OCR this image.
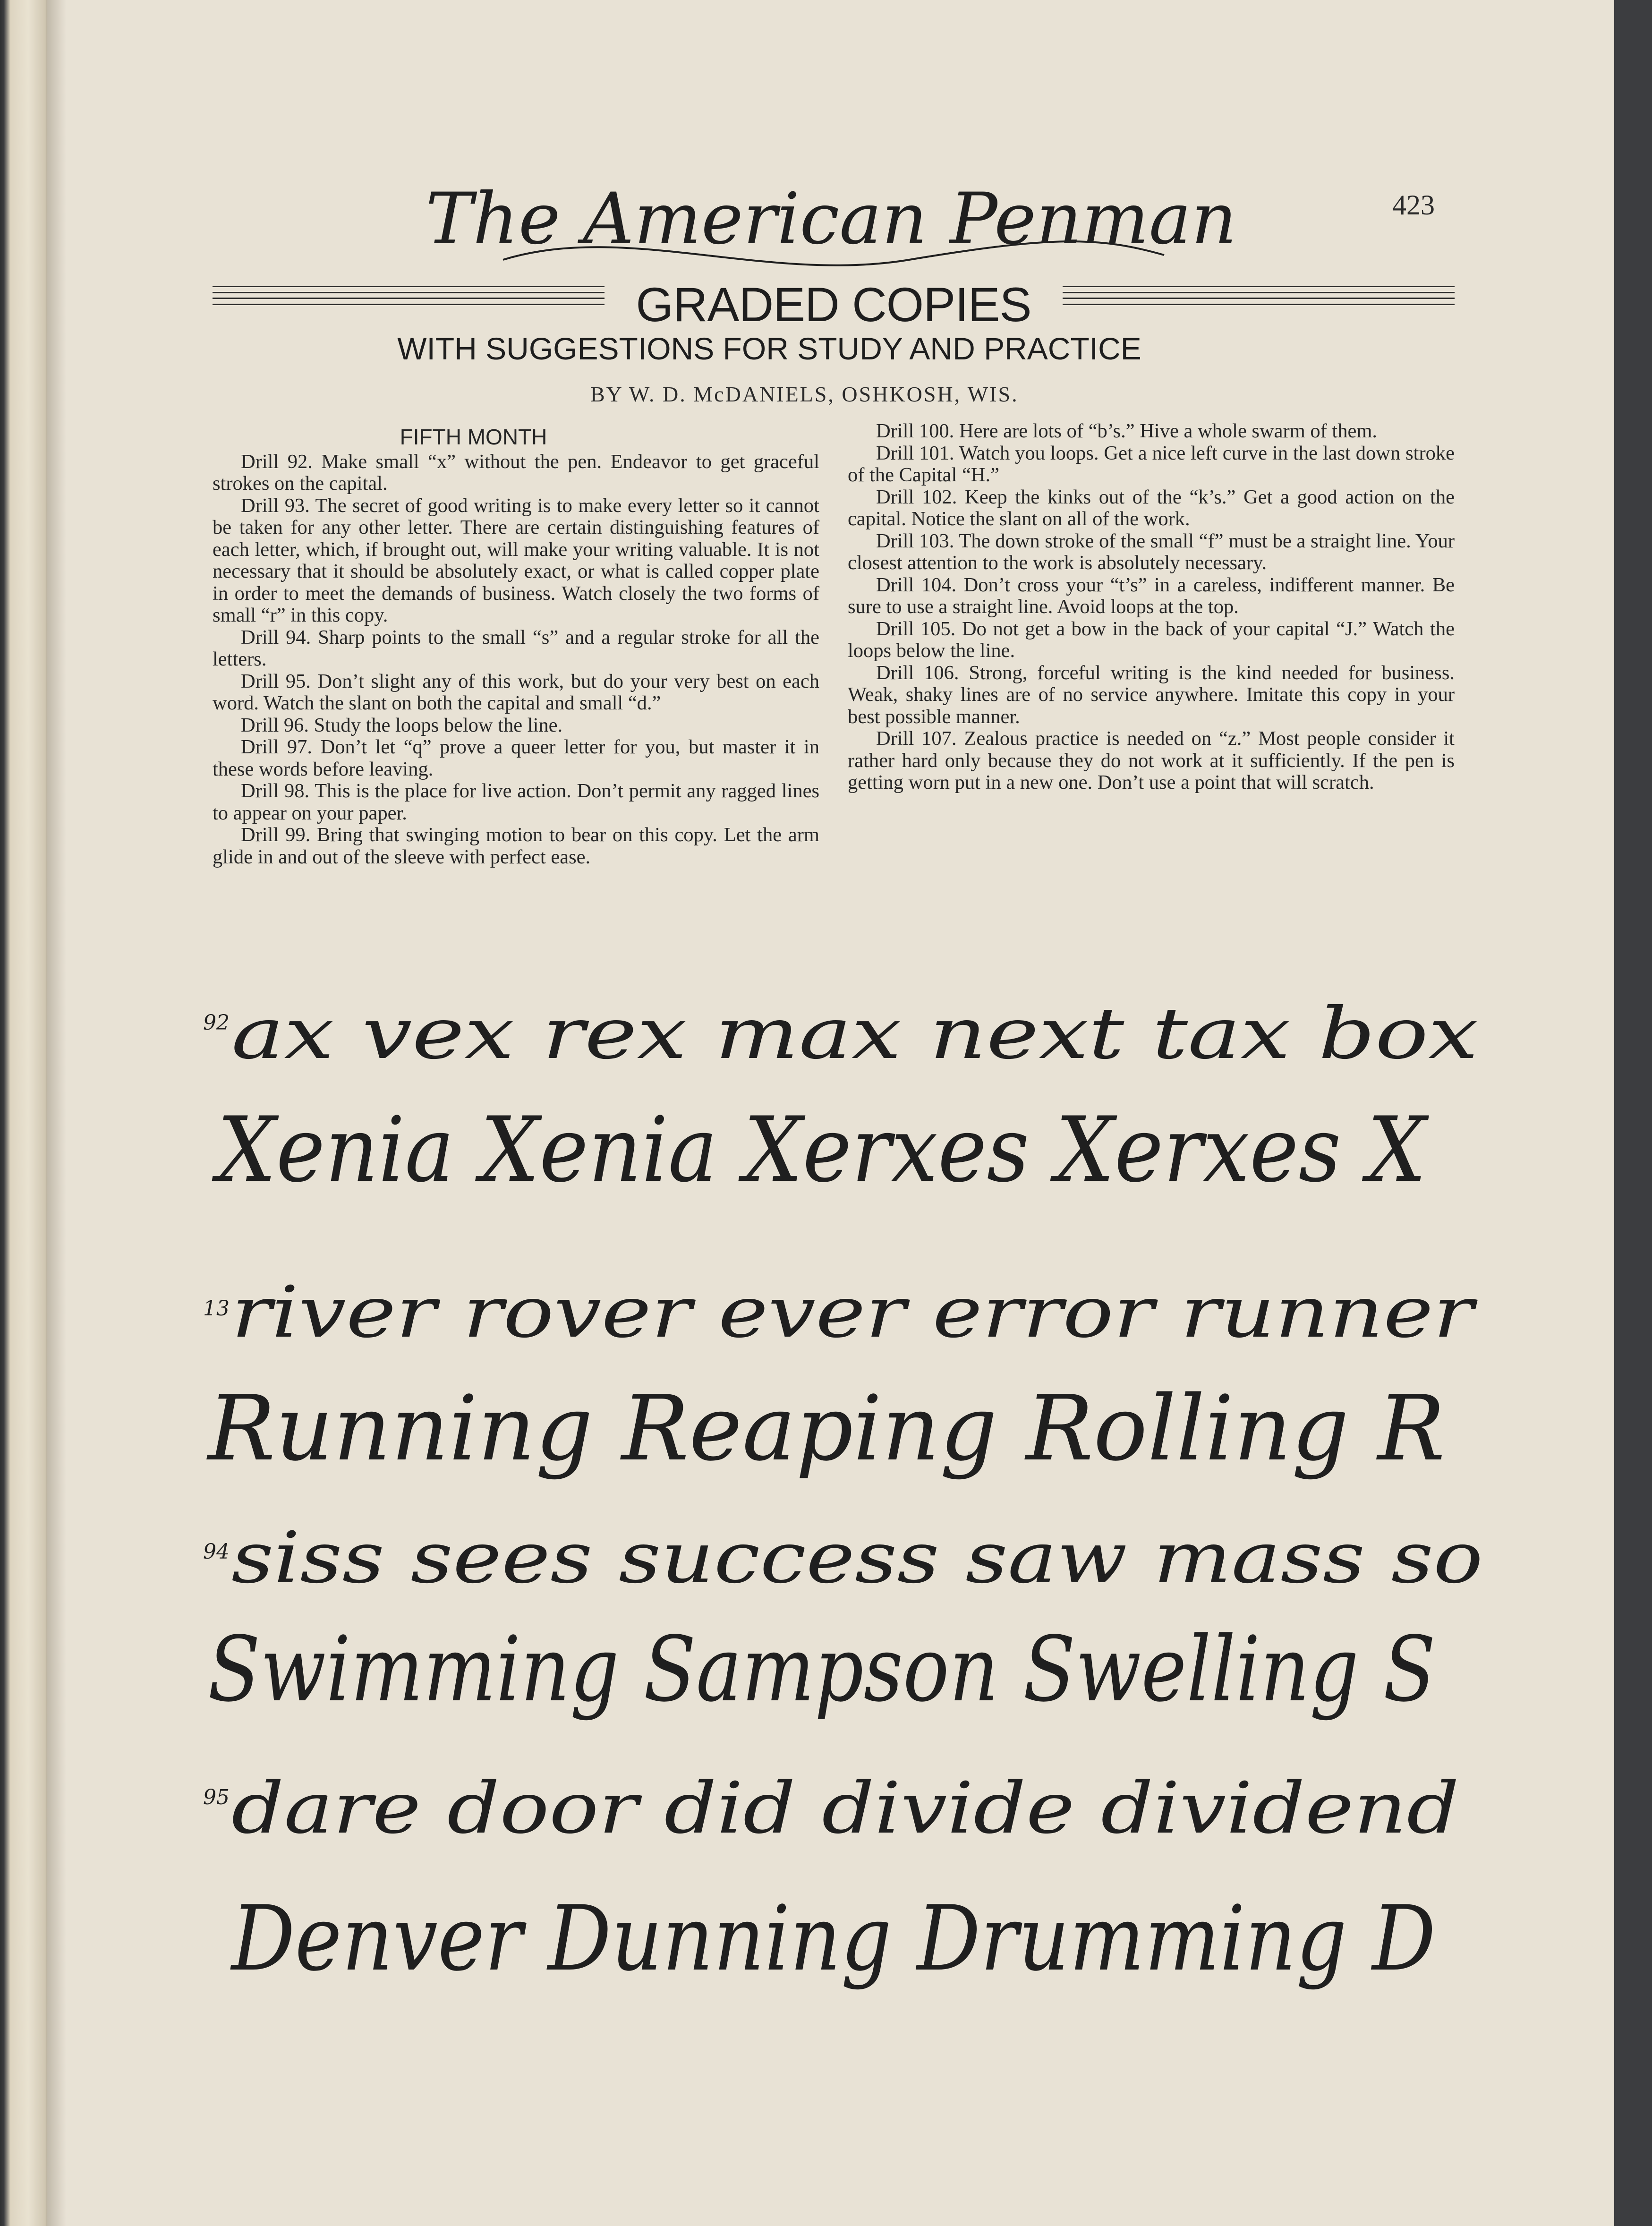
423
The American Penman
GRADED COPIES
WITH SUGGESTIONS FOR STUDY AND PRACTICE
BY W. D. McDANIELS, OSHKOSH, WIS.
FIFTH MONTH

Drill 92. Make small “x” without the pen. Endeavor to get graceful strokes on the capital.

Drill 93. The secret of good writing is to make every letter so it cannot be taken for any other letter. There are certain distinguishing features of each letter, which, if brought out, will make your writing valuable. It is not necessary that it should be absolutely exact, or what is called copper plate in order to meet the demands of business. Watch closely the two forms of small “r” in this copy.

Drill 94. Sharp points to the small “s” and a regular stroke for all the letters.

Drill 95. Don’t slight any of this work, but do your very best on each word. Watch the slant on both the capital and small “d.”

Drill 96. Study the loops below the line.

Drill 97. Don’t let “q” prove a queer letter for you, but master it in these words before leaving.

Drill 98. This is the place for live action. Don’t permit any ragged lines to appear on your paper.

Drill 99. Bring that swinging motion to bear on this copy. Let the arm glide in and out of the sleeve with perfect ease.

Drill 100. Here are lots of “b’s.” Hive a whole swarm of them.

Drill 101. Watch you loops. Get a nice left curve in the last down stroke of the Capital “H.”

Drill 102. Keep the kinks out of the “k’s.” Get a good action on the capital. Notice the slant on all of the work.

Drill 103. The down stroke of the small “f” must be a straight line. Your closest attention to the work is absolutely necessary.

Drill 104. Don’t cross your “t’s” in a careless, indifferent manner. Be sure to use a straight line. Avoid loops at the top.

Drill 105. Do not get a bow in the back of your capital “J.” Watch the loops below the line.

Drill 106. Strong, forceful writing is the kind needed for business. Weak, shaky lines are of no service anywhere. Imitate this copy in your best possible manner.

Drill 107. Zealous practice is needed on “z.” Most people consider it rather hard only because they do not work at it sufficiently. If the pen is getting worn put in a new one. Don’t use a point that will scratch.

92 ax vex rex max next tax box
Xenia Xenia Xerxes Xerxes X
13 river rover ever error runner
Running Reaping Rolling R
94 siss sees success saw mass so
Swimming Sampson Swelling S
95 dare door did divide dividend
Denver Dunning Drumming D
